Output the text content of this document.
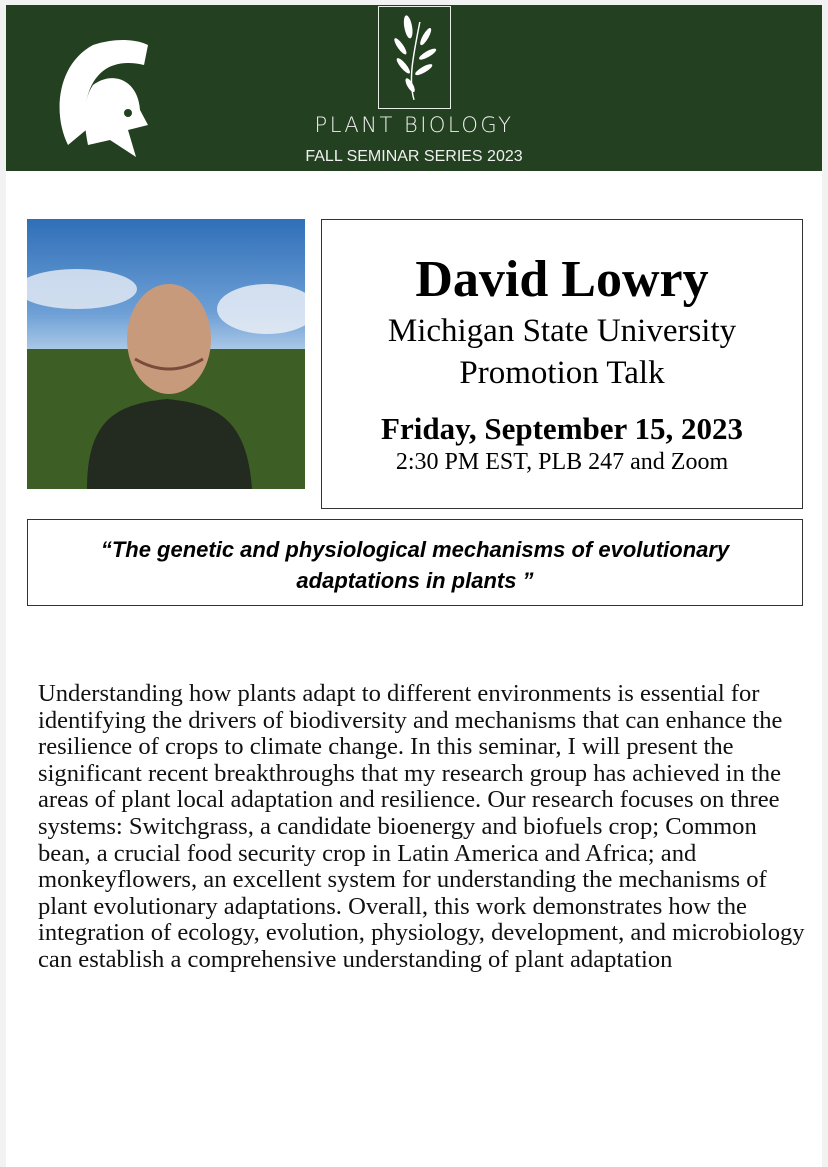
PLANT BIOLOGY
FALL SEMINAR SERIES 2023
David Lowry
Michigan State University
Promotion Talk
Friday, September 15, 2023
2:30 PM EST, PLB 247 and Zoom
“The genetic and physiological mechanisms of evolutionary adaptations in plants ”
Understanding how plants adapt to different environments is essential for identifying the drivers of biodiversity and mechanisms that can enhance the resilience of crops to climate change. In this seminar, I will present the significant recent breakthroughs that my research group has achieved in the areas of plant local adaptation and resilience. Our research focuses on three systems: Switchgrass, a candidate bioenergy and biofuels crop; Common bean, a crucial food security crop in Latin America and Africa; and monkeyflowers, an excellent system for understanding the mechanisms of plant evolutionary adaptations. Overall, this work demonstrates how the integration of ecology, evolution, physiology, development, and microbiology can establish a comprehensive understanding of plant adaptation
